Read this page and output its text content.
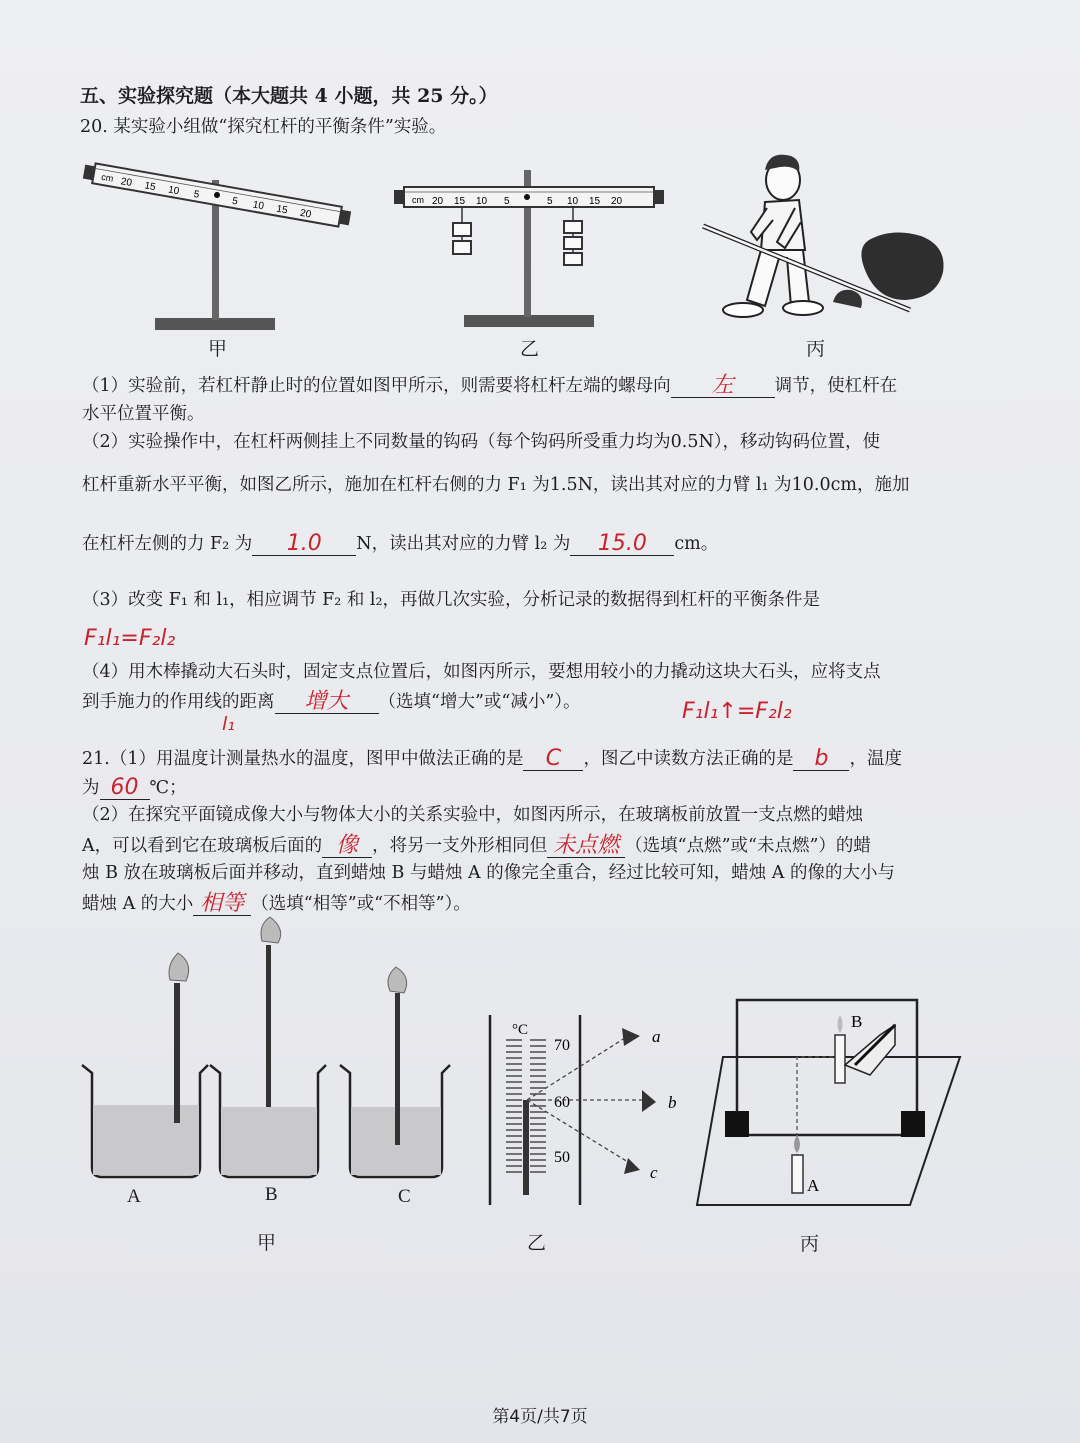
五、实验探究题（本大题共 4 小题，共 25 分。）
20. 某实验小组做“探究杠杆的平衡条件”实验。
cm 20 15 10 5
5 10 15 20
甲
cm 20 15 10 5	5 10 15 20
乙	丙
（1）实验前，若杠杆静止时的位置如图甲所示，则需要将杠杆左端的螺母向 左 调节，使杠杆在
水平位置平衡。
（2）实验操作中，在杠杆两侧挂上不同数量的钩码（每个钩码所受重力均为0.5N），移动钩码位置，使
杠杆重新水平平衡，如图乙所示，施加在杠杆右侧的力 F₁ 为1.5N，读出其对应的力臂 l₁ 为10.0cm，施加
在杠杆左侧的力 F₂ 为 1.0 N，读出其对应的力臂 l₂ 为 15.0 cm。
（3）改变 F₁ 和 l₁，相应调节 F₂ 和 l₂，再做几次实验，分析记录的数据得到杠杆的平衡条件是
F₁l₁=F₂l₂
（4）用木棒撬动大石头时，固定支点位置后，如图丙所示，要想用较小的力撬动这块大石头，应将支点
到手施力的作用线的距离 增大 （选填“增大”或“减小”）。
l₁	F₁l₁↑=F₂l₂
21.（1）用温度计测量热水的温度，图甲中做法正确的是 C ，图乙中读数方法正确的是 b ，温度
为 60 ℃；
（2）在探究平面镜成像大小与物体大小的关系实验中，如图丙所示，在玻璃板前放置一支点燃的蜡烛
A，可以看到它在玻璃板后面的 像 ，将另一支外形相同但 未点燃 （选填“点燃”或“未点燃”）的蜡
烛 B 放在玻璃板后面并移动，直到蜡烛 B 与蜡烛 A 的像完全重合，经过比较可知，蜡烛 A 的像的大小与
蜡烛 A 的大小 相等 （选填“相等”或“不相等”）。
A	B	C
甲
°C
70
60
50
a
b
c
乙
B
A
丙
第4页/共7页
